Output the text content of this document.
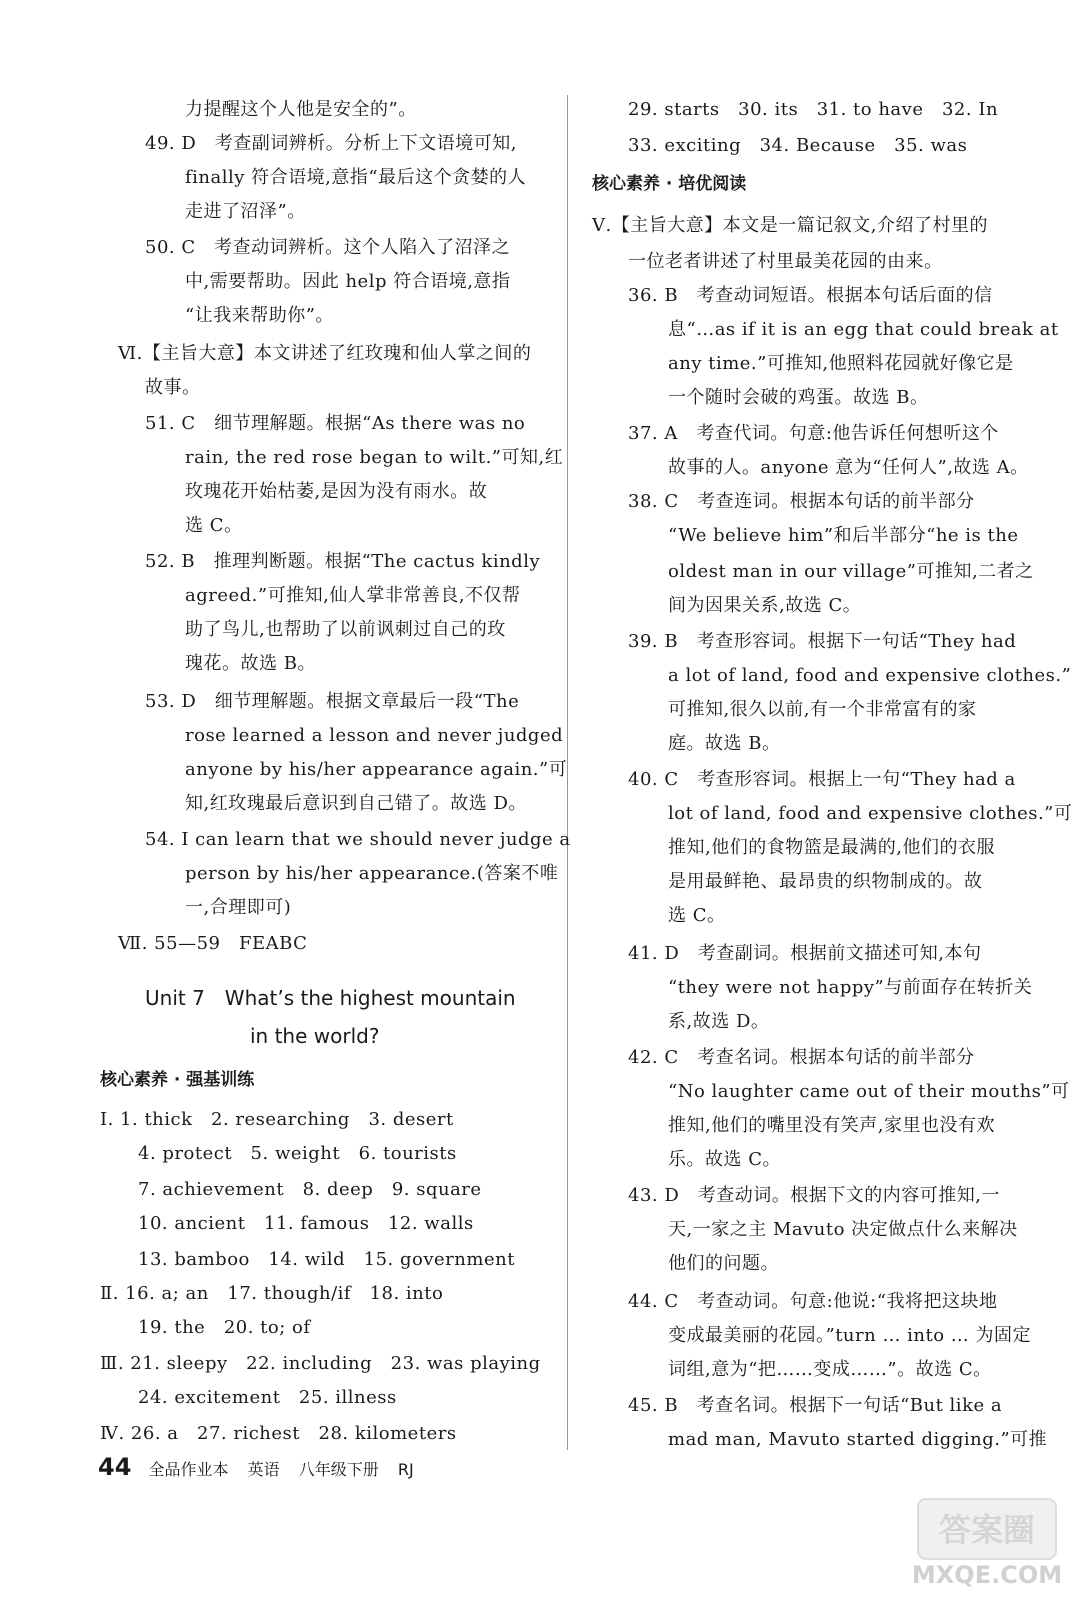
力提醒这个人他是安全的”。
49. D　考查副词辨析。分析上下文语境可知,
finally 符合语境,意指“最后这个贪婪的人
走进了沼泽”。
50. C　考查动词辨析。这个人陷入了沼泽之
中,需要帮助。因此 help 符合语境,意指
“让我来帮助你”。
Ⅵ.【主旨大意】本文讲述了红玫瑰和仙人掌之间的
故事。
51. C　细节理解题。根据“As there was no
rain, the red rose began to wilt.”可知,红
玫瑰花开始枯萎,是因为没有雨水。故
选 C。
52. B　推理判断题。根据“The cactus kindly
agreed.”可推知,仙人掌非常善良,不仅帮
助了鸟儿,也帮助了以前讽刺过自己的玫
瑰花。故选 B。
53. D　细节理解题。根据文章最后一段“The
rose learned a lesson and never judged
anyone by his/her appearance again.”可
知,红玫瑰最后意识到自己错了。故选 D。
54. I can learn that we should never judge a
person by his/her appearance.(答案不唯
一,合理即可)
Ⅶ. 55—59　FEABC
Unit 7　What’s the highest mountain
in the world?
核心素养 · 强基训练
Ⅰ. 1. thick　2. researching　3. desert
4. protect　5. weight　6. tourists
7. achievement　8. deep　9. square
10. ancient　11. famous　12. walls
13. bamboo　14. wild　15. government
Ⅱ. 16. a; an　17. though/if　18. into
19. the　20. to; of
Ⅲ. 21. sleepy　22. including　23. was playing
24. excitement　25. illness
Ⅳ. 26. a　27. richest　28. kilometers
29. starts　30. its　31. to have　32. In
33. exciting　34. Because　35. was
核心素养 · 培优阅读
Ⅴ.【主旨大意】本文是一篇记叙文,介绍了村里的
一位老者讲述了村里最美花园的由来。
36. B　考查动词短语。根据本句话后面的信
息“…as if it is an egg that could break at
any time.”可推知,他照料花园就好像它是
一个随时会破的鸡蛋。故选 B。
37. A　考查代词。句意:他告诉任何想听这个
故事的人。anyone 意为“任何人”,故选 A。
38. C　考查连词。根据本句话的前半部分
“We believe him”和后半部分“he is the
oldest man in our village”可推知,二者之
间为因果关系,故选 C。
39. B　考查形容词。根据下一句话“They had
a lot of land, food and expensive clothes.”
可推知,很久以前,有一个非常富有的家
庭。故选 B。
40. C　考查形容词。根据上一句“They had a
lot of land, food and expensive clothes.”可
推知,他们的食物篮是最满的,他们的衣服
是用最鲜艳、最昂贵的织物制成的。故
选 C。
41. D　考查副词。根据前文描述可知,本句
“they were not happy”与前面存在转折关
系,故选 D。
42. C　考查名词。根据本句话的前半部分
“No laughter came out of their mouths”可
推知,他们的嘴里没有笑声,家里也没有欢
乐。故选 C。
43. D　考查动词。根据下文的内容可推知,一
天,一家之主 Mavuto 决定做点什么来解决
他们的问题。
44. C　考查动词。句意:他说:“我将把这块地
变成最美丽的花园。”turn … into … 为固定
词组,意为“把……变成……”。故选 C。
45. B　考查名词。根据下一句话“But like a
mad man, Mavuto started digging.”可推
44 全品作业本 英语 八年级下册 RJ
答案圈
MXQE.COM
